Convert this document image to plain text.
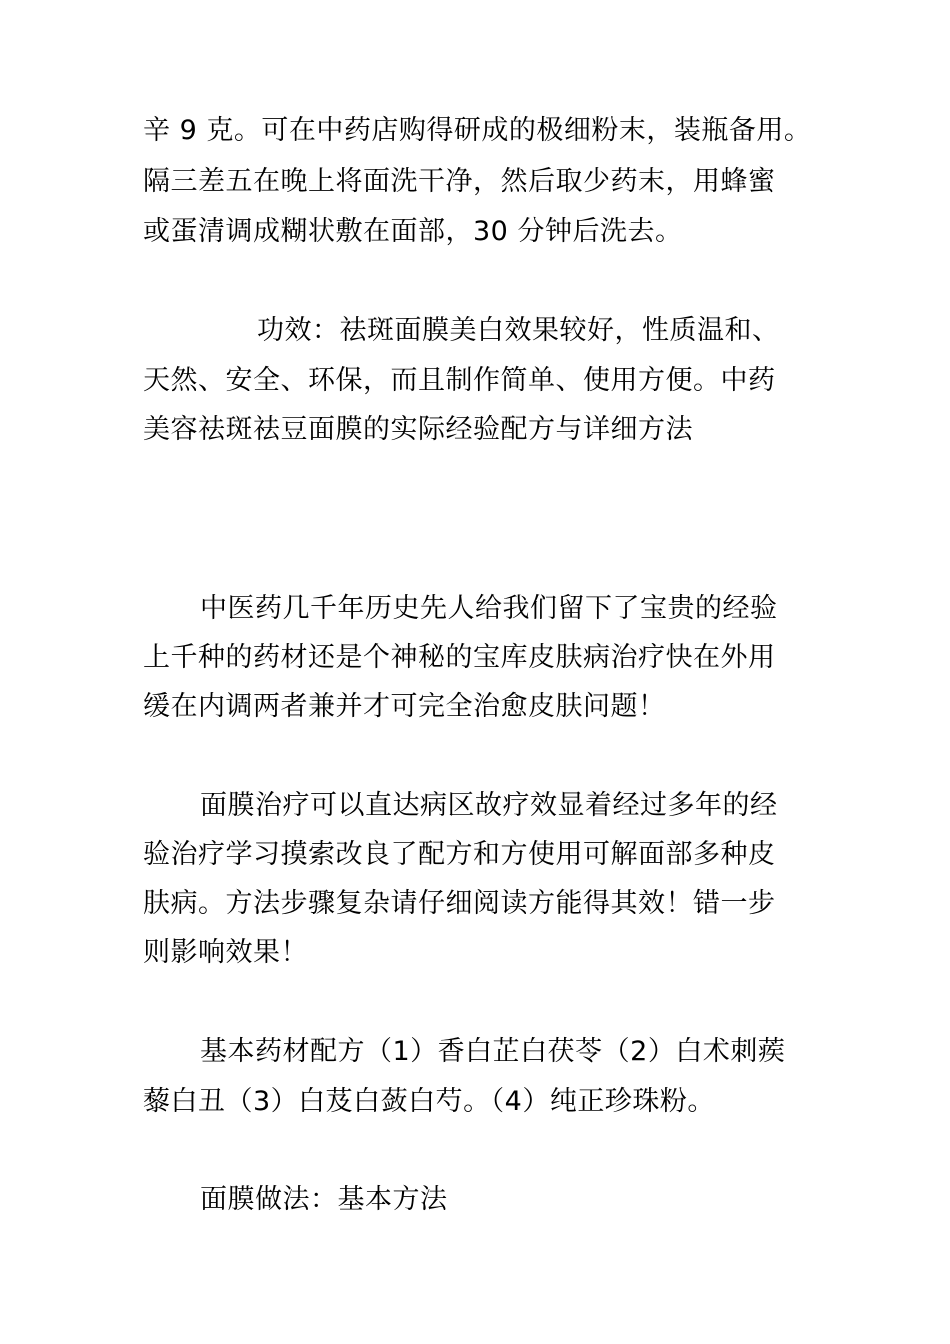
辛 9 克。可在中药店购得研成的极细粉末，装瓶备用。
隔三差五在晚上将面洗干净，然后取少药末，用蜂蜜
或蛋清调成糊状敷在面部，30 分钟后洗去。
功效：祛斑面膜美白效果较好，性质温和、
天然、安全、环保，而且制作简单、使用方便。中药
美容祛斑祛豆面膜的实际经验配方与详细方法
中医药几千年历史先人给我们留下了宝贵的经验
上千种的药材还是个神秘的宝库皮肤病治疗快在外用
缓在内调两者兼并才可完全治愈皮肤问题！
面膜治疗可以直达病区故疗效显着经过多年的经
验治疗学习摸索改良了配方和方使用可解面部多种皮
肤病。方法步骤复杂请仔细阅读方能得其效！错一步
则影响效果！
基本药材配方（1）香白芷白茯苓（2）白术刺蒺
藜白丑（3）白芨白蔹白芍。（4）纯正珍珠粉。
面膜做法：基本方法
